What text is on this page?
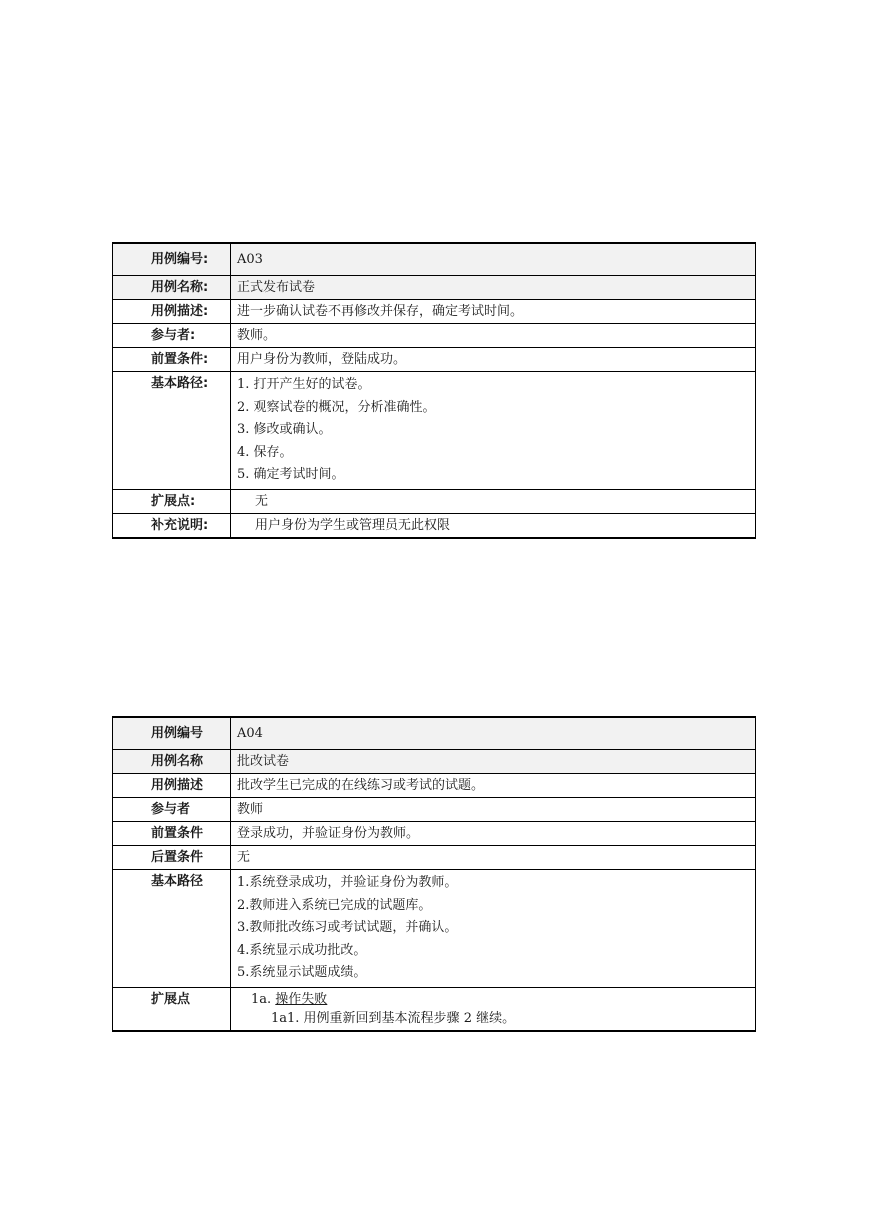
用例编号:	A03
用例名称:	正式发布试卷
用例描述:	进一步确认试卷不再修改并保存，确定考试时间。
参与者:	教师。
前置条件:	用户身份为教师，登陆成功。
基本路径:	1. 打开产生好的试卷。
2. 观察试卷的概况，分析准确性。
3. 修改或确认。
4. 保存。
5. 确定考试时间。

扩展点:	无
补充说明:	用户身份为学生或管理员无此权限
用例编号	A04
用例名称	批改试卷
用例描述	批改学生已完成的在线练习或考试的试题。
参与者	教师
前置条件	登录成功，并验证身份为教师。
后置条件	无
基本路径	1.系统登录成功，并验证身份为教师。
2.教师进入系统已完成的试题库。
3.教师批改练习或考试试题，并确认。
4.系统显示成功批改。
5.系统显示试题成绩。

扩展点	1a. 操作失败
1a1. 用例重新回到基本流程步骤 2 继续。
